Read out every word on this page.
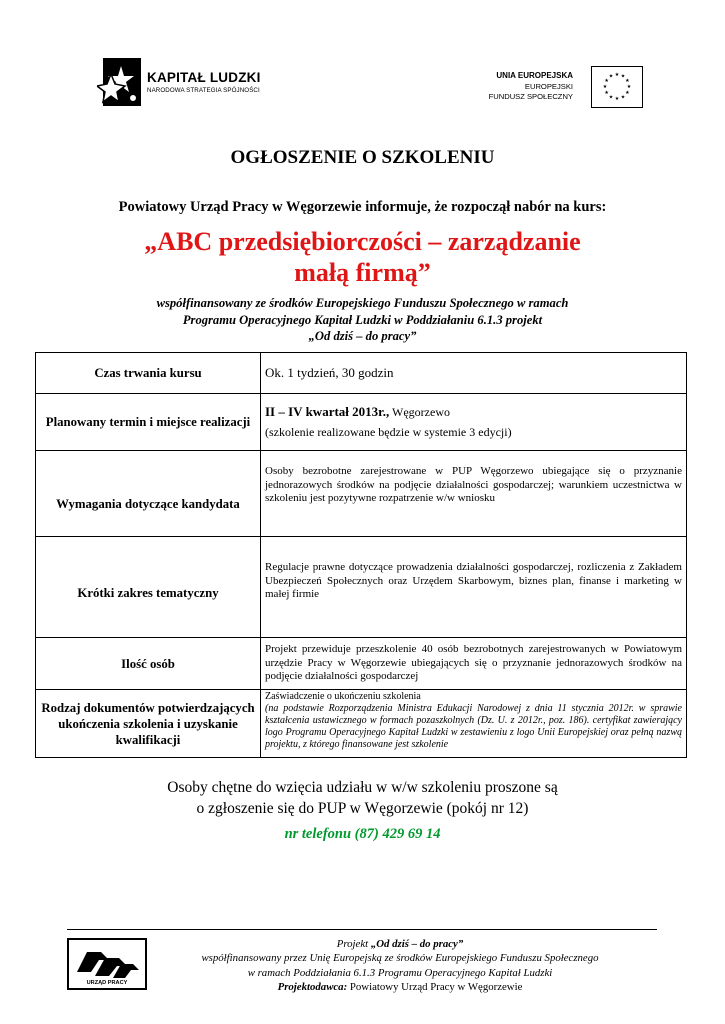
KAPITAŁ LUDZKI
NARODOWA STRATEGIA SPÓJNOŚCI
UNIA EUROPEJSKA
EUROPEJSKI
FUNDUSZ SPOŁECZNY
★ ★
★
★
★
★
★
★
★
★
★
★
OGŁOSZENIE O SZKOLENIU
Powiatowy Urząd Pracy w Węgorzewie informuje, że rozpoczął nabór na kurs:
„ABC przedsiębiorczości – zarządzanie
małą firmą”
współfinansowany ze środków Europejskiego Funduszu Społecznego w ramach
Programu Operacyjnego Kapitał Ludzki w Poddziałaniu 6.1.3 projekt
„Od dziś – do pracy”
Czas trwania kursu	Ok. 1 tydzień, 30 godzin
Planowany termin i miejsce realizacji	II – IV kwartał 2013r., Węgorzewo
(szkolenie realizowane będzie w systemie 3 edycji)

Wymagania dotyczące kandydata	Osoby bezrobotne zarejestrowane w PUP Węgorzewo ubiegające się o przyznanie jednorazowych środków na podjęcie działalności gospodarczej; warunkiem uczestnictwa w szkoleniu jest pozytywne rozpatrzenie w/w wniosku
Krótki zakres tematyczny	Regulacje prawne dotyczące prowadzenia działalności gospodarczej, rozliczenia z Zakładem Ubezpieczeń Społecznych oraz Urzędem Skarbowym, biznes plan, finanse i marketing w małej firmie
Ilość osób	Projekt przewiduje przeszkolenie 40 osób bezrobotnych zarejestrowanych w Powiatowym urzędzie Pracy w Węgorzewie ubiegających się o przyznanie jednorazowych środków na podjęcie działalności gospodarczej
Rodzaj dokumentów potwierdzających ukończenia szkolenia i uzyskanie kwalifikacji	Zaświadczenie o ukończeniu szkolenia
(na podstawie Rozporządzenia Ministra Edukacji Narodowej z dnia 11 stycznia 2012r. w sprawie kształcenia ustawicznego w formach pozaszkolnych (Dz. U. z 2012r., poz. 186). certyfikat zawierający logo Programu Operacyjnego Kapitał Ludzki w zestawieniu z logo Unii Europejskiej oraz pełną nazwą projektu, z którego finansowane jest szkolenie
Osoby chętne do wzięcia udziału w w/w szkoleniu proszone są
o zgłoszenie się do PUP w Węgorzewie (pokój nr 12)
nr telefonu (87) 429 69 14
URZĄD PRACY
Projekt „Od dziś – do pracy”
współfinansowany przez Unię Europejską ze środków Europejskiego Funduszu Społecznego
w ramach Poddziałania 6.1.3 Programu Operacyjnego Kapitał Ludzki
Projektodawca: Powiatowy Urząd Pracy w Węgorzewie
